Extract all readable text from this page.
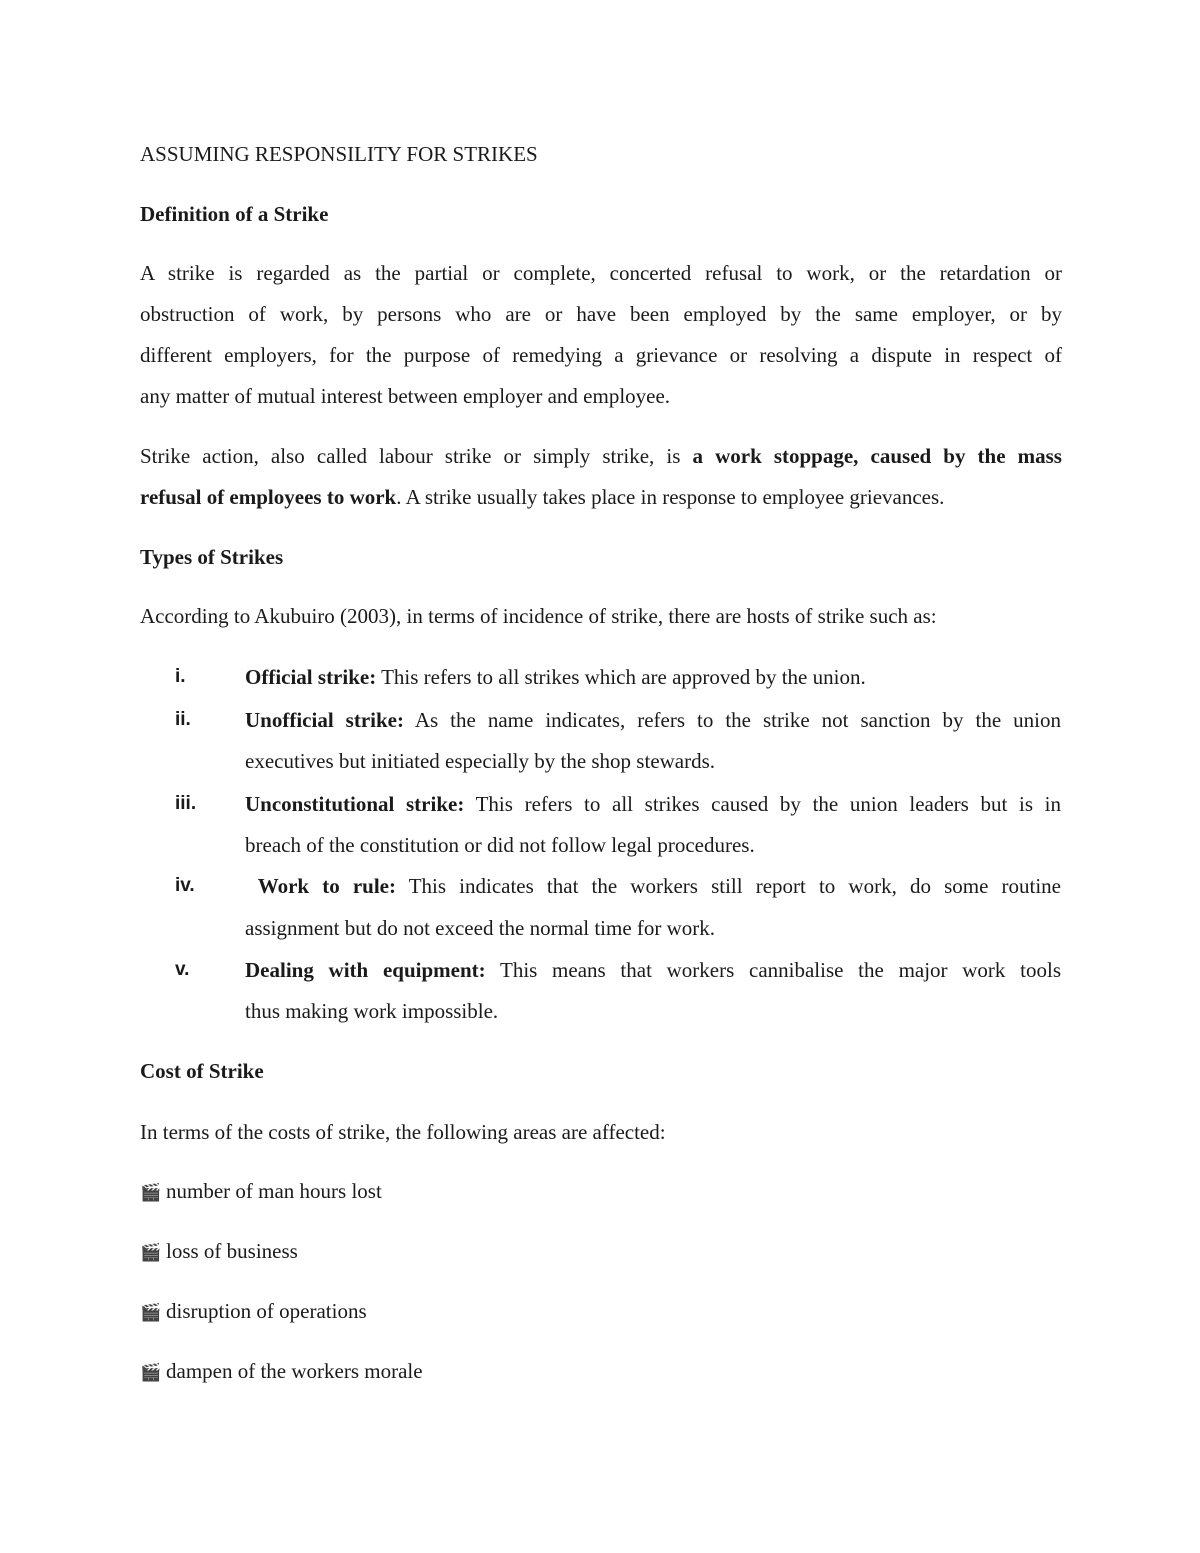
ASSUMING RESPONSILITY FOR STRIKES
Definition of a Strike
A strike is regarded as the partial or complete, concerted refusal to work, or the retardation or
obstruction of work, by persons who are or have been employed by the same employer, or by
different employers, for the purpose of remedying a grievance or resolving a dispute in respect of
any matter of mutual interest between employer and employee.
Strike action, also called labour strike or simply strike, is a work stoppage, caused by the mass
refusal of employees to work. A strike usually takes place in response to employee grievances.
Types of Strikes
According to Akubuiro (2003), in terms of incidence of strike, there are hosts of strike such as:
i.	Official strike: This refers to all strikes which are approved by the union.
ii.	Unofficial strike: As the name indicates, refers to the strike not sanction by the union
executives but initiated especially by the shop stewards.
iii. Unconstitutional strike: This refers to all strikes caused by the union leaders but is in
breach of the constitution or did not follow legal procedures.
iv. Work to rule: This indicates that the workers still report to work, do some routine
assignment but do not exceed the normal time for work.
v.	Dealing with equipment: This means that workers cannibalise the major work tools
thus making work impossible.
Cost of Strike
In terms of the costs of strike, the following areas are affected:
🎬 number of man hours lost
🎬 loss of business
🎬 disruption of operations
🎬 dampen of the workers morale
